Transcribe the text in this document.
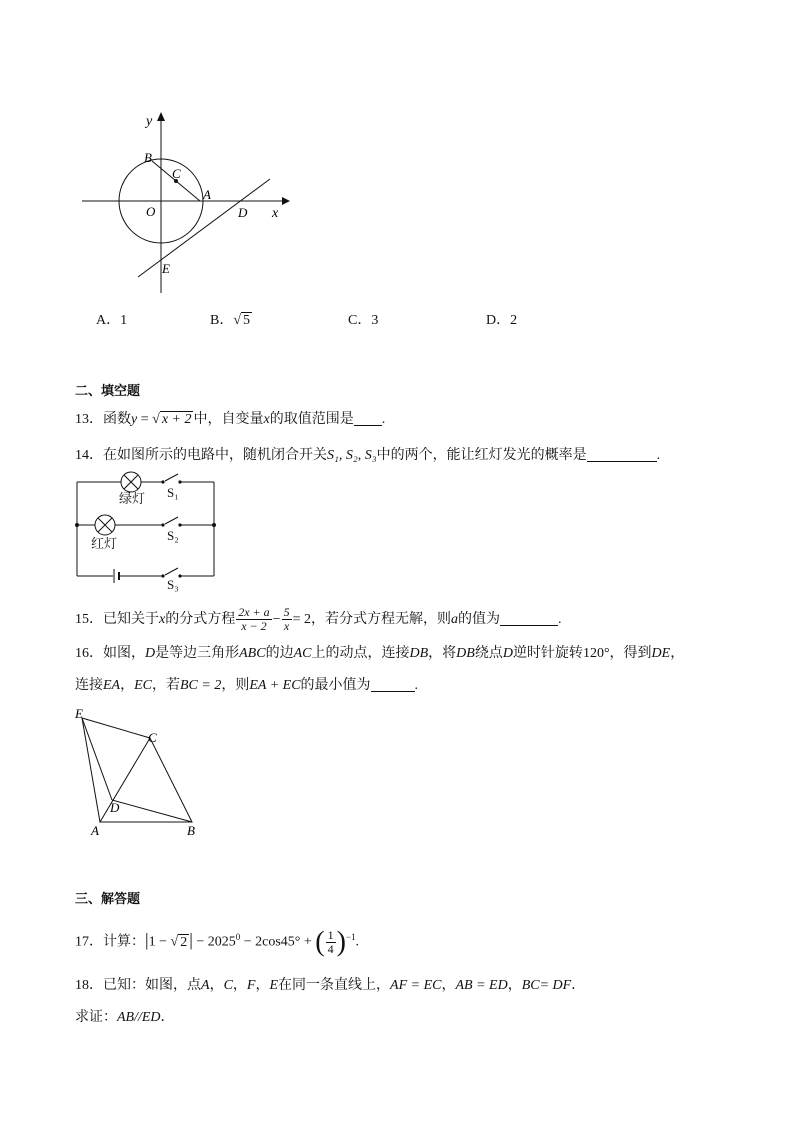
y
x
B
C
A
O	D
E
A．1	B．√ 5	C．3	D．2
二、填空题
13．函数y = √ x + 2 中，自变量x的取值范围是 .
14．在如图所示的电路中，随机闭合开关S₁, S₂, S₃中的两个，能让红灯发光的概率是	.
绿灯
红灯
S₁
S₂
S₃
15．已知关于x的分式方程 $\frac{2x + a}{x - 2} - \frac{5}{x} = 2$，若分式方程无解，则a的值为	.
16．如图，D是等边三角形ABC的边AC上的动点，连接DB，将DB绕点D逆时针旋转120°，得到DE，
连接EA，EC，若BC = 2，则EA + EC的最小值为	.
E
C
D
A	B
三、解答题
17．计算：|1 − √ 2 | − $2025^0 - 2\cos 45^\circ$ + ( $\frac{1}{4} )^{-1}$.
18．已知：如图，点A，C，F，E在同一条直线上，AF = EC，AB = ED，BC= DF．
求证：AB//ED．
